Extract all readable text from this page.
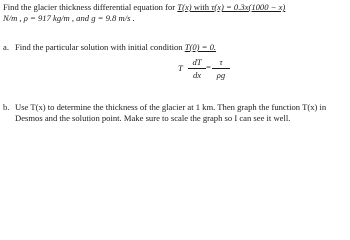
Find the glacier thickness differential equation for T(x) with τ(x) = 0.3x(1000 − x)
N/m , ρ = 917 kg/m , and g = 9.8 m/s .
a. Find the particular solution with initial condition T(0) = 0.
T
dT
dx
= τ
ρg
b. Use T(x) to determine the thickness of the glacier at 1 km. Then graph the function T(x) in
Desmos and the solution point. Make sure to scale the graph so I can see it well.
